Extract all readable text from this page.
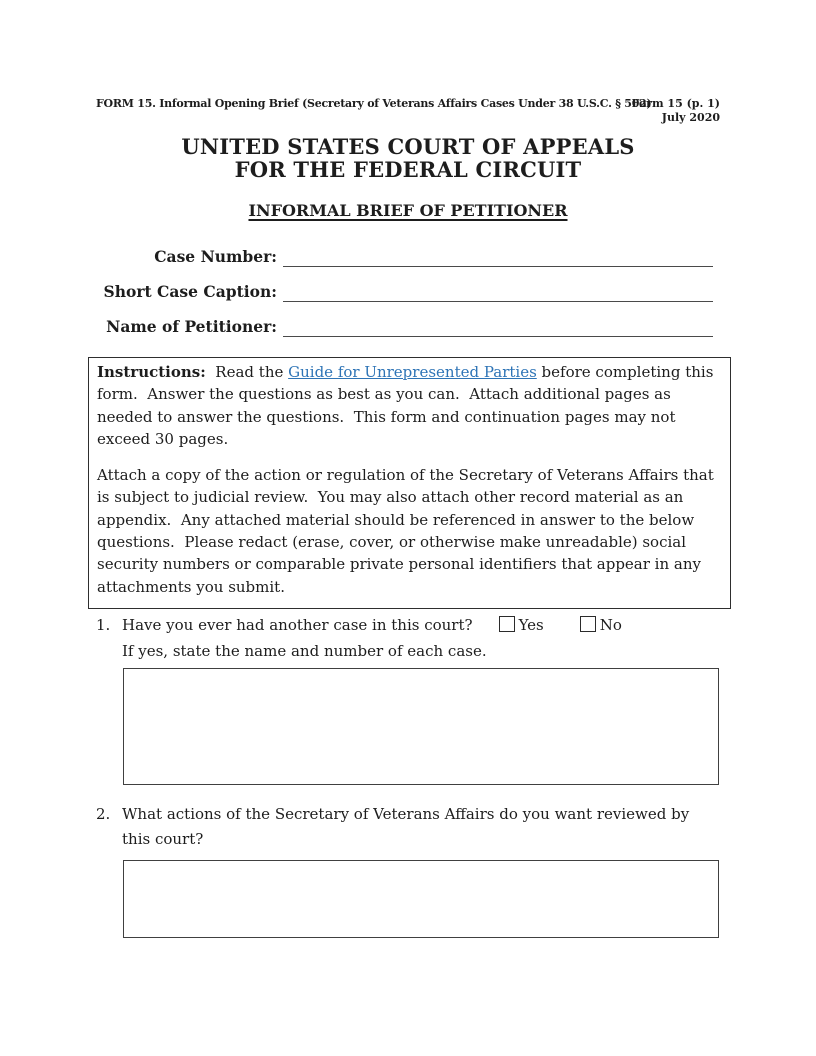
FORM 15. Informal Opening Brief (Secretary of Veterans Affairs Cases Under 38 U.S.C. § 502)
Form 15 (p. 1)
July 2020
UNITED STATES COURT OF APPEALS
FOR THE FEDERAL CIRCUIT
INFORMAL BRIEF OF PETITIONER
Case Number:
Short Case Caption:
Name of Petitioner:

Instructions:  Read the Guide for Unrepresented Parties before completing this form.  Answer the questions as best as you can.  Attach additional pages as needed to answer the questions.  This form and continuation pages may not exceed 30 pages.

Attach a copy of the action or regulation of the Secretary of Veterans Affairs that is subject to judicial review.  You may also attach other record material as an appendix.  Any attached material should be referenced in answer to the below questions.  Please redact (erase, cover, or otherwise make unreadable) social security numbers or comparable private personal identifiers that appear in any attachments you submit.

1. Have you ever had another case in this court?	Yes	No
If yes, state the name and number of each case.
2. What actions of the Secretary of Veterans Affairs do you want reviewed by this court?
